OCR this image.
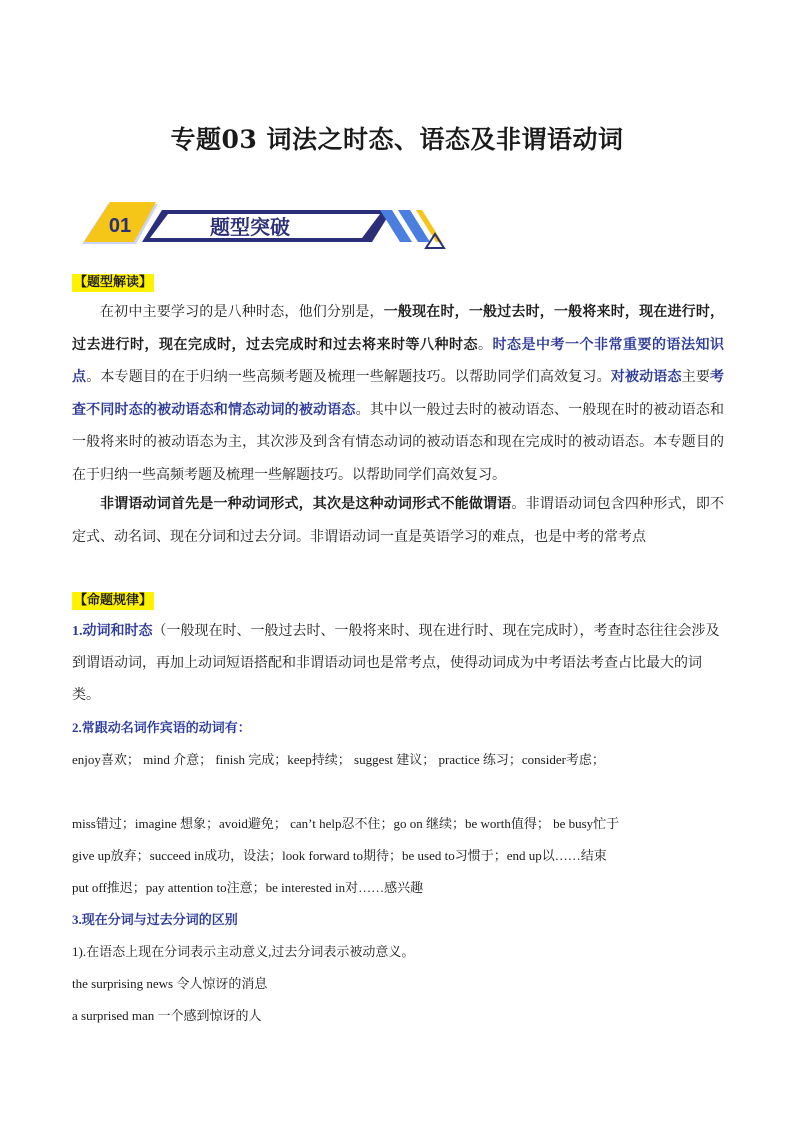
专题03 词法之时态、语态及非谓语动词
01	题型突破
【题型解读】
在初中主要学习的是八种时态，他们分别是，一般现在时，一般过去时，一般将来时，现在进行时，过去进行时，现在完成时，过去完成时和过去将来时等八种时态。时态是中考一个非常重要的语法知识点。本专题目的在于归纳一些高频考题及梳理一些解题技巧。以帮助同学们高效复习。对被动语态主要考查不同时态的被动语态和情态动词的被动语态。其中以一般过去时的被动语态、一般现在时的被动语态和一般将来时的被动语态为主，其次涉及到含有情态动词的被动语态和现在完成时的被动语态。本专题目的在于归纳一些高频考题及梳理一些解题技巧。以帮助同学们高效复习。
非谓语动词首先是一种动词形式，其次是这种动词形式不能做谓语。非谓语动词包含四种形式，即不定式、动名词、现在分词和过去分词。非谓语动词一直是英语学习的难点，也是中考的常考点
【命题规律】
1.动词和时态（一般现在时、一般过去时、一般将来时、现在进行时、现在完成时），考查时态往往会涉及到谓语动词，再加上动词短语搭配和非谓语动词也是常考点，使得动词成为中考语法考查占比最大的词类。
2.常跟动名词作宾语的动词有：
enjoy喜欢； mind 介意； finish 完成；keep持续； suggest 建议； practice 练习；consider考虑；
miss错过；imagine 想象；avoid避免； can’t help忍不住；go on 继续；be worth值得； be busy忙于
give up放弃；succeed in成功，设法；look forward to期待；be used to习惯于；end up以……结束
put off推迟；pay attention to注意；be interested in对……感兴趣
3.现在分词与过去分词的区别
1).在语态上现在分词表示主动意义,过去分词表示被动意义。
the surprising news 令人惊讶的消息
a surprised man 一个感到惊讶的人
